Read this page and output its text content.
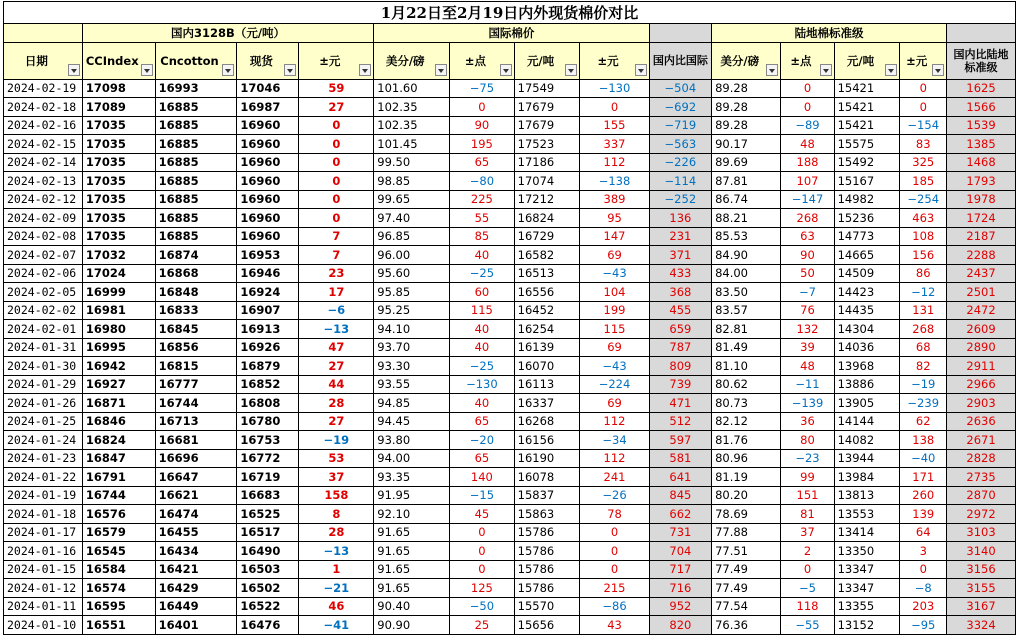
1月22日至2月19日内外现货棉价对比														
	国内3128B（元/吨）				国际棉价					陆地棉标准级				

日期	CCIndex	Cncotton	现货	±元	美分/磅	±点	元/吨	±元	国内比国际	美分/磅	±点	元/吨	±元	国内比陆地标准级

2024-02-19	17098	16993	17046	59	101.60	−75	17549	−130	−504	89.28	0	15421	0	1625
2024-02-18	17089	16885	16987	27	102.35	0	17679	0	−692	89.28	0	15421	0	1566
2024-02-16	17035	16885	16960	0	102.35	90	17679	155	−719	89.28	−89	15421	−154	1539
2024-02-15	17035	16885	16960	0	101.45	195	17523	337	−563	90.17	48	15575	83	1385
2024-02-14	17035	16885	16960	0	99.50	65	17186	112	−226	89.69	188	15492	325	1468
2024-02-13	17035	16885	16960	0	98.85	−80	17074	−138	−114	87.81	107	15167	185	1793
2024-02-12	17035	16885	16960	0	99.65	225	17212	389	−252	86.74	−147	14982	−254	1978
2024-02-09	17035	16885	16960	0	97.40	55	16824	95	136	88.21	268	15236	463	1724
2024-02-08	17035	16885	16960	7	96.85	85	16729	147	231	85.53	63	14773	108	2187
2024-02-07	17032	16874	16953	7	96.00	40	16582	69	371	84.90	90	14665	156	2288
2024-02-06	17024	16868	16946	23	95.60	−25	16513	−43	433	84.00	50	14509	86	2437
2024-02-05	16999	16848	16924	17	95.85	60	16556	104	368	83.50	−7	14423	−12	2501
2024-02-02	16981	16833	16907	−6	95.25	115	16452	199	455	83.57	76	14435	131	2472
2024-02-01	16980	16845	16913	−13	94.10	40	16254	115	659	82.81	132	14304	268	2609
2024-01-31	16995	16856	16926	47	93.70	40	16139	69	787	81.49	39	14036	68	2890
2024-01-30	16942	16815	16879	27	93.30	−25	16070	−43	809	81.10	48	13968	82	2911
2024-01-29	16927	16777	16852	44	93.55	−130	16113	−224	739	80.62	−11	13886	−19	2966
2024-01-26	16871	16744	16808	28	94.85	40	16337	69	471	80.73	−139	13905	−239	2903
2024-01-25	16846	16713	16780	27	94.45	65	16268	112	512	82.12	36	14144	62	2636
2024-01-24	16824	16681	16753	−19	93.80	−20	16156	−34	597	81.76	80	14082	138	2671
2024-01-23	16847	16696	16772	53	94.00	65	16190	112	581	80.96	−23	13944	−40	2828
2024-01-22	16791	16647	16719	37	93.35	140	16078	241	641	81.19	99	13984	171	2735
2024-01-19	16744	16621	16683	158	91.95	−15	15837	−26	845	80.20	151	13813	260	2870
2024-01-18	16576	16474	16525	8	92.10	45	15863	78	662	78.69	81	13553	139	2972
2024-01-17	16579	16455	16517	28	91.65	0	15786	0	731	77.88	37	13414	64	3103
2024-01-16	16545	16434	16490	−13	91.65	0	15786	0	704	77.51	2	13350	3	3140
2024-01-15	16584	16421	16503	1	91.65	0	15786	0	717	77.49	0	13347	0	3156
2024-01-12	16574	16429	16502	−21	91.65	125	15786	215	716	77.49	−5	13347	−8	3155
2024-01-11	16595	16449	16522	46	90.40	−50	15570	−86	952	77.54	118	13355	203	3167
2024-01-10	16551	16401	16476	−41	90.90	25	15656	43	820	76.36	−55	13152	−95	3324
